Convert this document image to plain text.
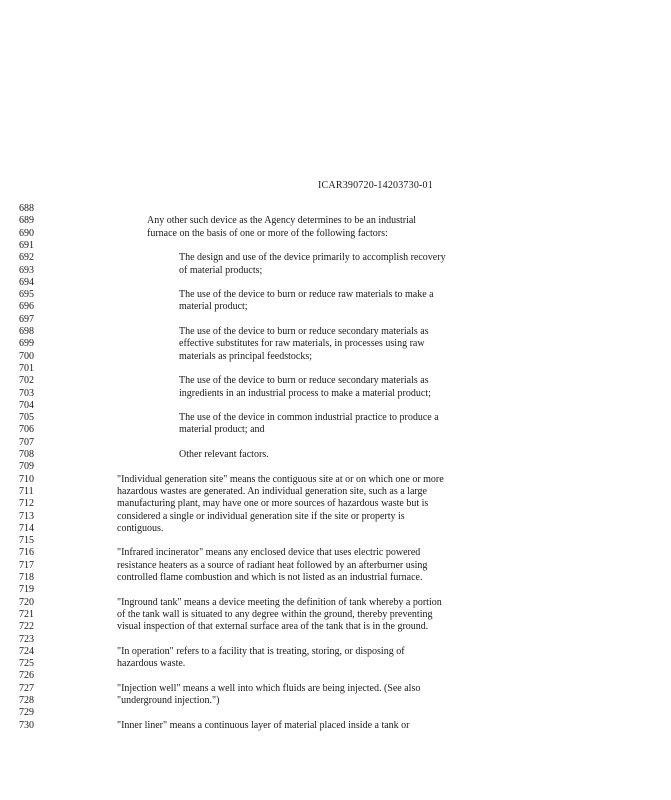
ICAR390720-14203730-01
688
689	Any other such device as the Agency determines to be an industrial
690	furnace on the basis of one or more of the following factors:
691
692	The design and use of the device primarily to accomplish recovery
693	of material products;
694
695	The use of the device to burn or reduce raw materials to make a
696	material product;
697
698	The use of the device to burn or reduce secondary materials as
699	effective substitutes for raw materials, in processes using raw
700	materials as principal feedstocks;
701
702	The use of the device to burn or reduce secondary materials as
703	ingredients in an industrial process to make a material product;
704
705	The use of the device in common industrial practice to produce a
706	material product; and
707
708	Other relevant factors.
709
710	"Individual generation site" means the contiguous site at or on which one or more
711	hazardous wastes are generated. An individual generation site, such as a large
712	manufacturing plant, may have one or more sources of hazardous waste but is
713	considered a single or individual generation site if the site or property is
714	contiguous.
715
716	"Infrared incinerator" means any enclosed device that uses electric powered
717	resistance heaters as a source of radiant heat followed by an afterburner using
718	controlled flame combustion and which is not listed as an industrial furnace.
719
720	"Inground tank" means a device meeting the definition of tank whereby a portion
721	of the tank wall is situated to any degree within the ground, thereby preventing
722	visual inspection of that external surface area of the tank that is in the ground.
723
724	"In operation" refers to a facility that is treating, storing, or disposing of
725	hazardous waste.
726
727	"Injection well" means a well into which fluids are being injected. (See also
728	"underground injection.")
729
730	"Inner liner" means a continuous layer of material placed inside a tank or
